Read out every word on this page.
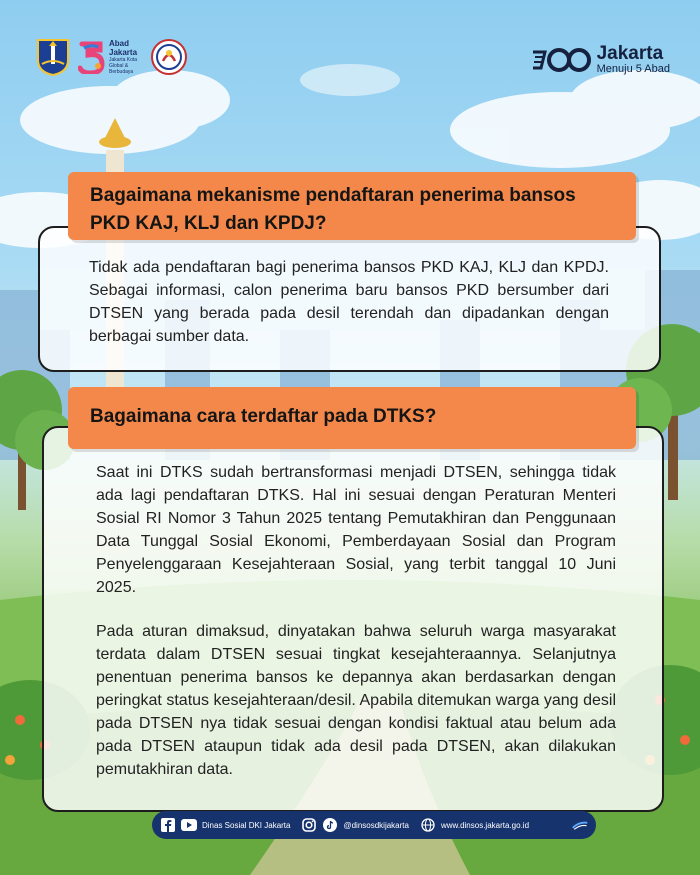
Abad Jakarta
Jakarta Kota Global & Berbudaya
Jakarta
Menuju 5 Abad
Bagaimana mekanisme pendaftaran penerima bansos PKD KAJ, KLJ dan KPDJ?

Tidak ada pendaftaran bagi penerima bansos PKD KAJ, KLJ dan KPDJ. Sebagai informasi, calon penerima baru bansos PKD bersumber dari DTSEN yang berada pada desil terendah dan dipadankan dengan berbagai sumber data.

Bagaimana cara terdaftar pada DTKS?

Saat ini DTKS sudah bertransformasi menjadi DTSEN, sehingga tidak ada lagi pendaftaran DTKS. Hal ini sesuai dengan Peraturan Menteri Sosial RI Nomor 3 Tahun 2025 tentang Pemutakhiran dan Penggunaan Data Tunggal Sosial Ekonomi, Pemberdayaan Sosial dan Program Penyelenggaraan Kesejahteraan Sosial, yang terbit tanggal 10 Juni 2025.

Pada aturan dimaksud, dinyatakan bahwa seluruh warga masyarakat terdata dalam DTSEN sesuai tingkat kesejahteraannya. Selanjutnya penentuan penerima bansos ke depannya akan berdasarkan dengan peringkat status kesejahteraan/desil. Apabila ditemukan warga yang desil pada DTSEN nya tidak sesuai dengan kondisi faktual atau belum ada pada DTSEN ataupun tidak ada desil pada DTSEN, akan dilakukan pemutakhiran data.

Dinas Sosial DKI Jakarta	@dinsosdkijakarta	www.dinsos.jakarta.go.id
